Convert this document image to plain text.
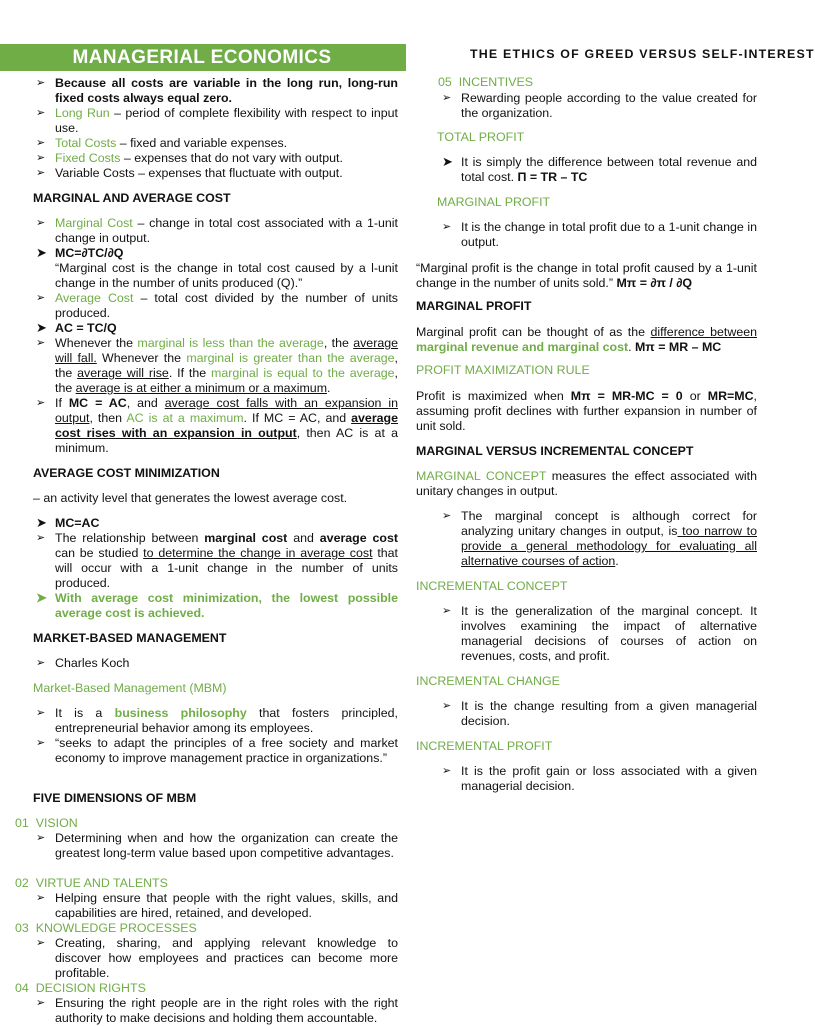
MANAGERIAL ECONOMICS
➢ Because all costs are variable in the long run, long-run fixed costs always equal zero.
➢ Long Run – period of complete flexibility with respect to input use.
➢ Total Costs – fixed and variable expenses.
➢ Fixed Costs – expenses that do not vary with output.
➢ Variable Costs – expenses that fluctuate with output.
MARGINAL AND AVERAGE COST
➢ Marginal Cost – change in total cost associated with a 1-unit change in output.
➤ MC=∂TC/∂Q
“Marginal cost is the change in total cost caused by a l-unit change in the number of units produced (Q).”
➢ Average Cost – total cost divided by the number of units produced.
➤ AC = TC/Q
➢ Whenever the marginal is less than the average, the average will fall. Whenever the marginal is greater than the average, the average will rise. If the marginal is equal to the average, the average is at either a minimum or a maximum.
➢ If MC = AC, and average cost falls with an expansion in output, then AC is at a maximum. If MC = AC, and average cost rises with an expansion in output, then AC is at a minimum.
AVERAGE COST MINIMIZATION
– an activity level that generates the lowest average cost.
➤ MC=AC
➢ The relationship between marginal cost and average cost can be studied to determine the change in average cost that will occur with a 1-unit change in the number of units produced.
➤ With average cost minimization, the lowest possible average cost is achieved.
MARKET-BASED MANAGEMENT
➢ Charles Koch
Market-Based Management (MBM)
➢ It is a business philosophy that fosters principled, entrepreneurial behavior among its employees.
➢ “seeks to adapt the principles of a free society and market economy to improve management practice in organizations.”
FIVE DIMENSIONS OF MBM
01 VISION
➢ Determining when and how the organization can create the greatest long-term value based upon competitive advantages.
02 VIRTUE AND TALENTS
➢ Helping ensure that people with the right values, skills, and capabilities are hired, retained, and developed.
03 KNOWLEDGE PROCESSES
➢ Creating, sharing, and applying relevant knowledge to discover how employees and practices can become more profitable.
04 DECISION RIGHTS
➢ Ensuring the right people are in the right roles with the right authority to make decisions and holding them accountable.
THE ETHICS OF GREED VERSUS SELF-INTEREST
05 INCENTIVES
➢ Rewarding people according to the value created for the organization.
TOTAL PROFIT
➤ It is simply the difference between total revenue and total cost. Π = TR – TC
MARGINAL PROFIT
➢ It is the change in total profit due to a 1-unit change in output.
“Marginal profit is the change in total profit caused by a 1-unit change in the number of units sold.” Mπ = ∂π / ∂Q
MARGINAL PROFIT
Marginal profit can be thought of as the difference between marginal revenue and marginal cost. Mπ = MR – MC
PROFIT MAXIMIZATION RULE
Profit is maximized when Mπ = MR-MC = 0 or MR=MC, assuming profit declines with further expansion in number of unit sold.
MARGINAL VERSUS INCREMENTAL CONCEPT
MARGINAL CONCEPT measures the effect associated with unitary changes in output.
➢ The marginal concept is although correct for analyzing unitary changes in output, is too narrow to provide a general methodology for evaluating all alternative courses of action.
INCREMENTAL CONCEPT
➢ It is the generalization of the marginal concept. It involves examining the impact of alternative managerial decisions of courses of action on revenues, costs, and profit.
INCREMENTAL CHANGE
➢ It is the change resulting from a given managerial decision.
INCREMENTAL PROFIT
➢ It is the profit gain or loss associated with a given managerial decision.
